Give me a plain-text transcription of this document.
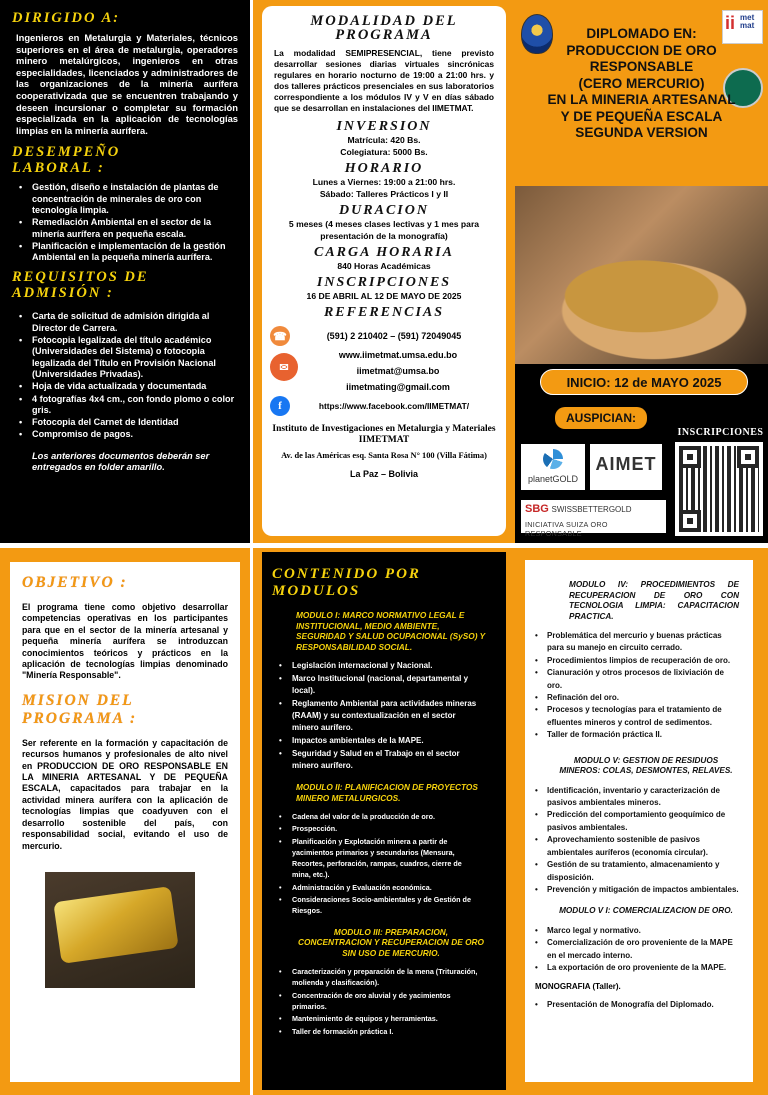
DIRIGIDO A:

Ingenieros en Metalurgia y Materiales, técnicos superiores en el área de metalurgia, operadores minero metalúrgicos, ingenieros en otras especialidades, licenciados y administradores de las organizaciones de la minería aurífera cooperativizada que se encuentren trabajando y deseen incursionar o completar su formación especializada en la aplicación de tecnologías limpias en la minería aurífera.

DESEMPEÑO
LABORAL :
• Gestión, diseño e instalación de plantas de concentración de minerales de oro con tecnología limpia.
• Remediación Ambiental en el sector de la minería aurífera en pequeña escala.
• Planificación e implementación de la gestión Ambiental en la pequeña minería aurífera.
REQUISITOS DE
ADMISIÓN :
• Carta de solicitud de admisión dirigida al Director de Carrera.
• Fotocopia legalizada del título académico (Universidades del Sistema) o fotocopia legalizada del Título en Provisión Nacional (Universidades Privadas).
• Hoja de vida actualizada y documentada
• 4 fotografías 4x4 cm., con fondo plomo o color gris.
• Fotocopia del Carnet de Identidad
• Compromiso de pagos.

Los anteriores documentos deberán ser entregados en folder amarillo.

MODALIDAD DEL
PROGRAMA

La modalidad SEMIPRESENCIAL, tiene previsto desarrollar sesiones diarias virtuales sincrónicas regulares en horario nocturno de 19:00 a 21:00 hrs. y dos talleres prácticos presenciales en sus laboratorios correspondiente a los módulos IV y V en días sábado que se desarrollan en instalaciones del IIMETMAT.

INVERSION
Matrícula: 420 Bs.
Colegiatura: 5000 Bs.
HORARIO
Lunes a Viernes: 19:00 a 21:00 hrs.
Sábado: Talleres Prácticos I y II
DURACION
5 meses (4 meses clases lectivas y 1 mes para presentación de la monografía)
CARGA HORARIA
840 Horas Académicas
INSCRIPCIONES
16 DE ABRIL AL 12 DE MAYO DE 2025
REFERENCIAS
☎	(591) 2 210402 – (591) 72049045
✉
www.iimetmat.umsa.edu.bo
iimetmat@umsa.bo
iimetmating@gmail.com
f	https://www.facebook.com/IIMETMAT/
Instituto de Investigaciones en Metalurgia y Materiales IIMETMAT
Av. de las Américas esq. Santa Rosa N° 100 (Villa Fátima)
La Paz – Bolivia
ii met
mat
DIPLOMADO EN:
PRODUCCION DE ORO
RESPONSABLE
(CERO MERCURIO)
EN LA MINERIA ARTESANAL
Y DE PEQUEÑA ESCALA
SEGUNDA VERSION
INICIO: 12 de MAYO 2025
AUSPICIAN:
INSCRIPCIONES
planetGOLD
AIMET
SBG SWISSBETTERGOLD
INICIATIVA SUIZA ORO RESPONSABLE
OBJETIVO :

El programa tiene como objetivo desarrollar competencias operativas en los participantes para que en el sector de la minería artesanal y pequeña minería aurífera se introduzcan conocimientos teóricos y prácticos en la aplicación de tecnologías limpias denominado "Minería Responsable".

MISION DEL
PROGRAMA :

Ser referente en la formación y capacitación de recursos humanos y profesionales de alto nivel en PRODUCCION DE ORO RESPONSABLE EN LA MINERIA ARTESANAL Y DE PEQUEÑA ESCALA, capacitados para trabajar en la actividad minera aurífera con la aplicación de tecnologías limpias que coadyuven con el desarrollo sostenible del país, con responsabilidad social, evitando el uso de mercurio.

CONTENIDO POR
MODULOS
MODULO I: MARCO NORMATIVO LEGAL E INSTITUCIONAL, MEDIO AMBIENTE, SEGURIDAD Y SALUD OCUPACIONAL (SySO) Y RESPONSABILIDAD SOCIAL.
• Legislación internacional y Nacional.
• Marco Institucional (nacional, departamental y local).
• Reglamento Ambiental para actividades mineras (RAAM) y su contextualización en el sector minero aurífero.
• Impactos ambientales de la MAPE.
• Seguridad y Salud en el Trabajo en el sector minero aurífero.
MODULO II: PLANIFICACION DE PROYECTOS MINERO METALURGICOS.
• Cadena del valor de la producción de oro.
• Prospección.
• Planificación y Explotación minera a partir de yacimientos primarios y secundarios (Mensura, Recortes, perforación, rampas, cuadros, cierre de mina, etc.).
• Administración y Evaluación económica.
• Consideraciones Socio-ambientales y de Gestión de Riesgos.
MODULO III: PREPARACION, CONCENTRACION Y RECUPERACION DE ORO SIN USO DE MERCURIO.
• Caracterización y preparación de la mena (Trituración, molienda y clasificación).
• Concentración de oro aluvial y de yacimientos primarios.
• Mantenimiento de equipos y herramientas.
• Taller de formación práctica I.
MODULO IV: PROCEDIMIENTOS DE RECUPERACION DE ORO CON TECNOLOGIA LIMPIA: CAPACITACION PRACTICA.
• Problemática del mercurio y buenas prácticas para su manejo en circuito cerrado.
• Procedimientos limpios de recuperación de oro.
• Cianuración y otros procesos de lixiviación de oro.
• Refinación del oro.
• Procesos y tecnologías para el tratamiento de efluentes mineros y control de sedimentos.
• Taller de formación práctica II.
MODULO V: GESTION DE RESIDUOS MINEROS: COLAS, DESMONTES, RELAVES.
• Identificación, inventario y caracterización de pasivos ambientales mineros.
• Predicción del comportamiento geoquímico de pasivos ambientales.
• Aprovechamiento sostenible de pasivos ambientales auríferos (economía circular).
• Gestión de su tratamiento, almacenamiento y disposición.
• Prevención y mitigación de impactos ambientales.
MODULO V I: COMERCIALIZACION DE ORO.
• Marco legal y normativo.
• Comercialización de oro proveniente de la MAPE en el mercado interno.
• La exportación de oro proveniente de la MAPE.
MONOGRAFIA (Taller).
• Presentación de Monografía del Diplomado.
